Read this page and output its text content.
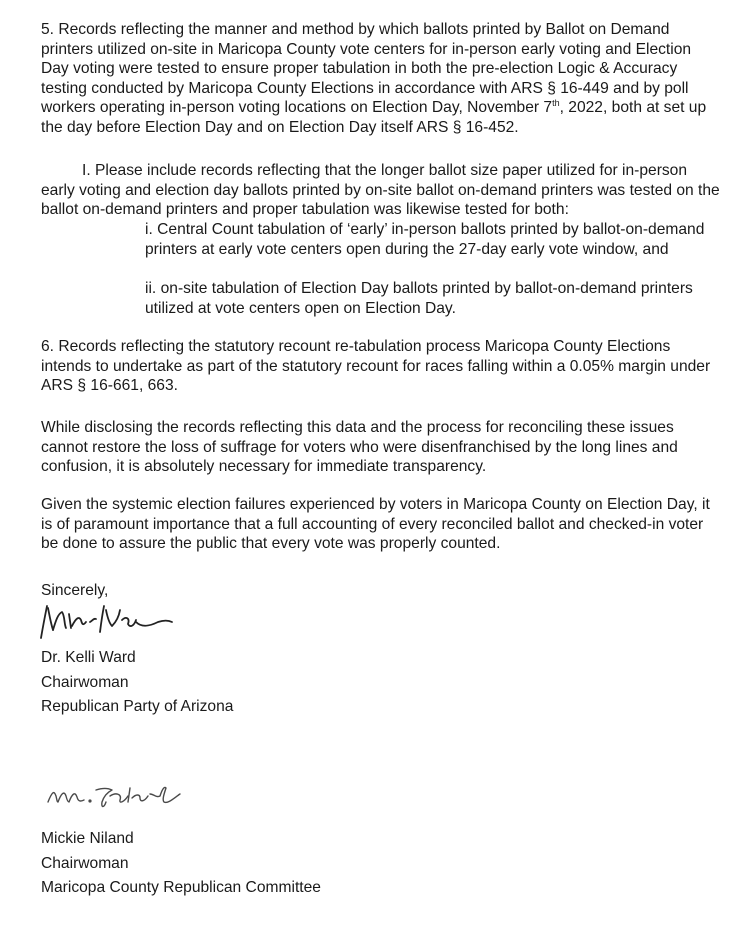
5. Records reflecting the manner and method by which ballots printed by Ballot on Demand printers utilized on-site in Maricopa County vote centers for in-person early voting and Election Day voting were tested to ensure proper tabulation in both the pre-election Logic & Accuracy testing conducted by Maricopa County Elections in accordance with ARS § 16-449 and by poll workers operating in-person voting locations on Election Day, November 7th, 2022, both at set up the day before Election Day and on Election Day itself ARS § 16-452.

I. Please include records reflecting that the longer ballot size paper utilized for in-person early voting and election day ballots printed by on-site ballot on-demand printers was tested on the ballot on-demand printers and proper tabulation was likewise tested for both:

i. Central Count tabulation of ‘early’ in-person ballots printed by ballot-on-demand printers at early vote centers open during the 27-day early vote window, and

ii. on-site tabulation of Election Day ballots printed by ballot-on-demand printers utilized at vote centers open on Election Day.

6. Records reflecting the statutory recount re-tabulation process Maricopa County Elections intends to undertake as part of the statutory recount for races falling within a 0.05% margin under ARS § 16-661, 663.

While disclosing the records reflecting this data and the process for reconciling these issues cannot restore the loss of suffrage for voters who were disenfranchised by the long lines and confusion, it is absolutely necessary for immediate transparency.

Given the systemic election failures experienced by voters in Maricopa County on Election Day, it is of paramount importance that a full accounting of every reconciled ballot and checked-in voter be done to assure the public that every vote was properly counted.

Sincerely,

Dr. Kelli Ward

Chairwoman

Republican Party of Arizona

Mickie Niland

Chairwoman

Maricopa County Republican Committee
